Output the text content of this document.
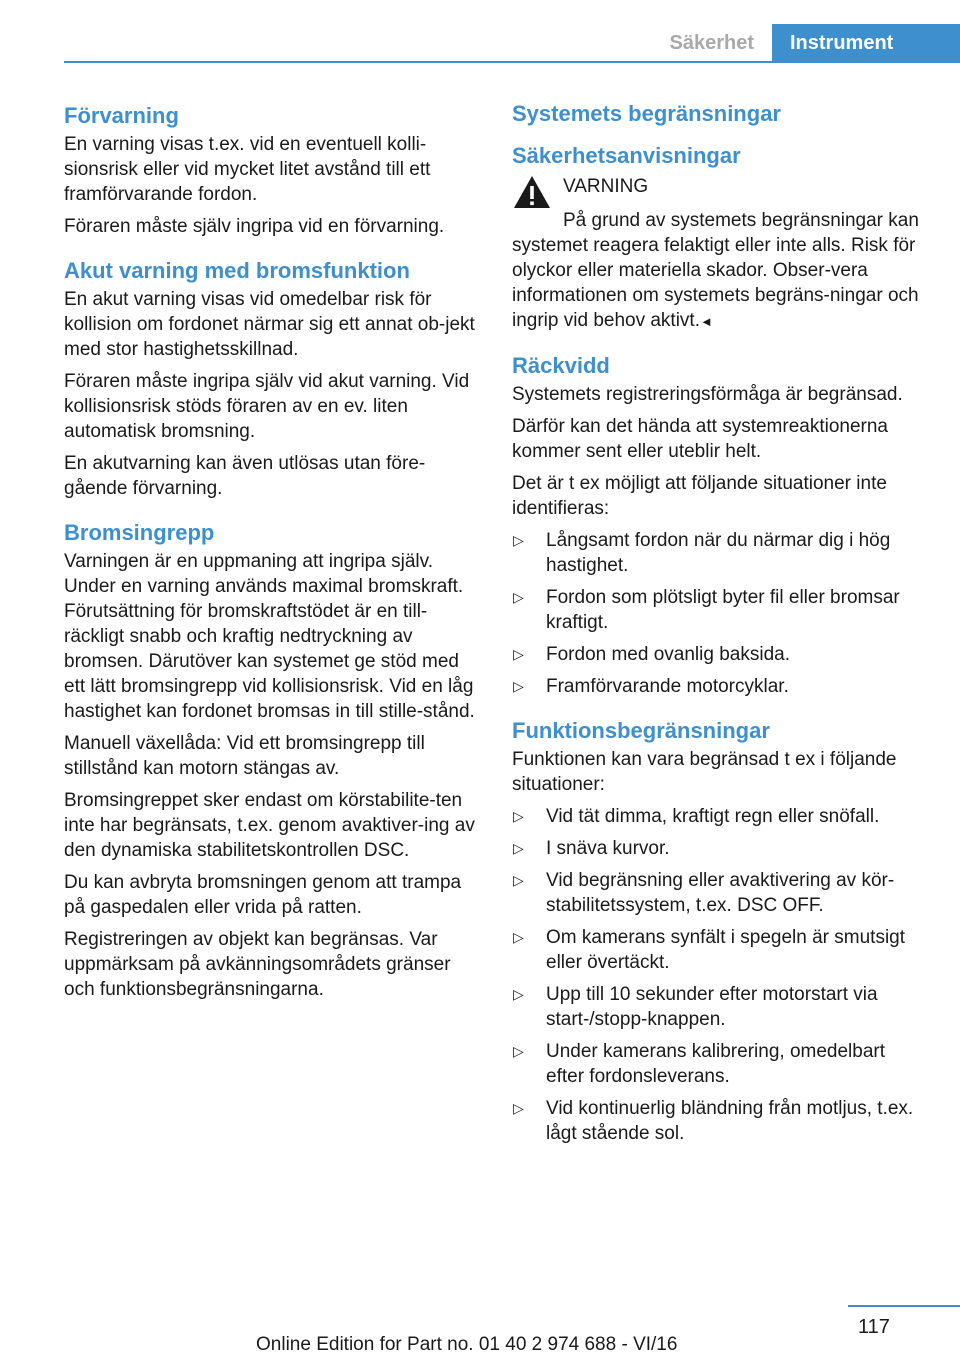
Säkerhet	Instrument
Förvarning

En varning visas t.ex. vid en eventuell kolli-sionsrisk eller vid mycket litet avstånd till ett framförvarande fordon.

Föraren måste själv ingripa vid en förvarning.

Akut varning med bromsfunktion

En akut varning visas vid omedelbar risk för kollision om fordonet närmar sig ett annat ob-jekt med stor hastighetsskillnad.

Föraren måste ingripa själv vid akut varning. Vid kollisionsrisk stöds föraren av en ev. liten automatisk bromsning.

En akutvarning kan även utlösas utan före-gående förvarning.

Bromsingrepp

Varningen är en uppmaning att ingripa själv. Under en varning används maximal bromskraft. Förutsättning för bromskraftstödet är en till-räckligt snabb och kraftig nedtryckning av bromsen. Därutöver kan systemet ge stöd med ett lätt bromsingrepp vid kollisionsrisk. Vid en låg hastighet kan fordonet bromsas in till stille-stånd.

Manuell växellåda: Vid ett bromsingrepp till stillstånd kan motorn stängas av.

Bromsingreppet sker endast om körstabilite-ten inte har begränsats, t.ex. genom avaktiver-ing av den dynamiska stabilitetskontrollen DSC.

Du kan avbryta bromsningen genom att trampa på gaspedalen eller vrida på ratten.

Registreringen av objekt kan begränsas. Var uppmärksam på avkänningsområdets gränser och funktionsbegränsningarna.

Systemets begränsningar
Säkerhetsanvisningar
VARNING

På grund av systemets begränsningar kan systemet reagera felaktigt eller inte alls. Risk för olyckor eller materiella skador. Obser-vera informationen om systemets begräns-ningar och ingrip vid behov aktivt.◄

Räckvidd

Systemets registreringsförmåga är begränsad.

Därför kan det hända att systemreaktionerna kommer sent eller uteblir helt.

Det är t ex möjligt att följande situationer inte identifieras:

▷ Långsamt fordon när du närmar dig i hög hastighet.
▷ Fordon som plötsligt byter fil eller bromsar kraftigt.
▷ Fordon med ovanlig baksida.
▷ Framförvarande motorcyklar.
Funktionsbegränsningar

Funktionen kan vara begränsad t ex i följande situationer:

▷ Vid tät dimma, kraftigt regn eller snöfall.
▷ I snäva kurvor.
▷ Vid begränsning eller avaktivering av kör-stabilitetssystem, t.ex. DSC OFF.
▷ Om kamerans synfält i spegeln är smutsigt eller övertäckt.
▷ Upp till 10 sekunder efter motorstart via start-/stopp-knappen.
▷ Under kamerans kalibrering, omedelbart efter fordonsleverans.
▷ Vid kontinuerlig bländning från motljus, t.ex. lågt stående sol.
117
Online Edition for Part no. 01 40 2 974 688 - VI/16
